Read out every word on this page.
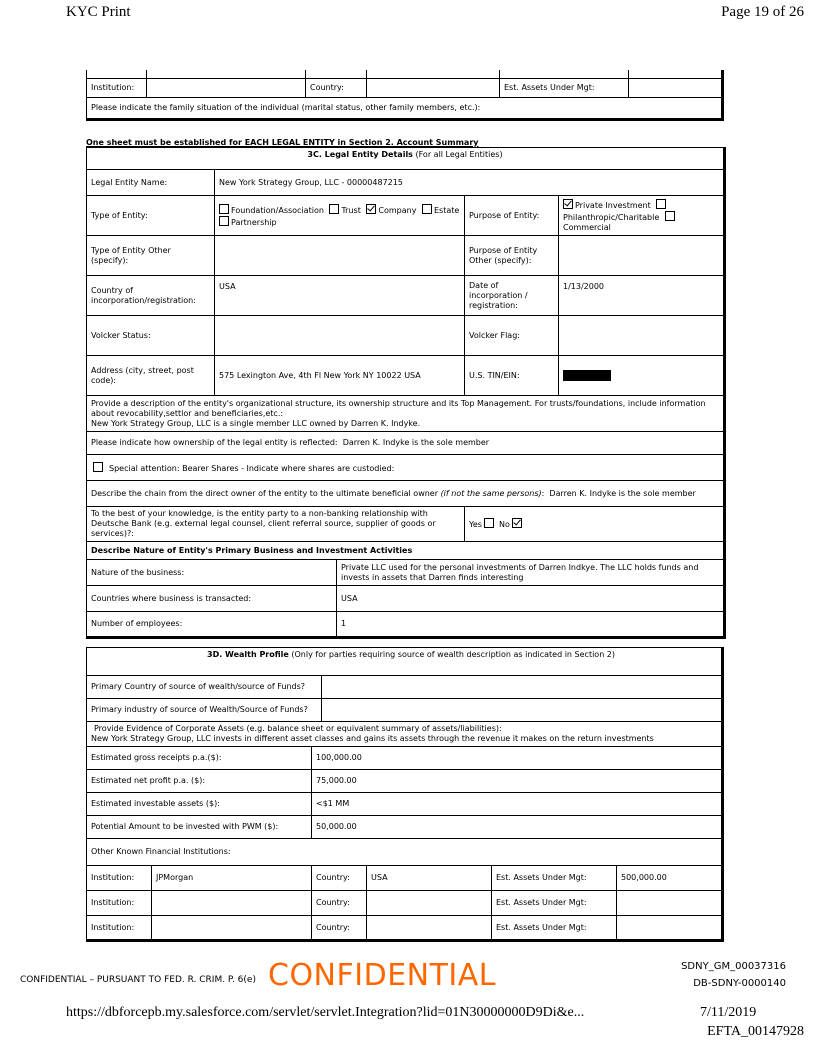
KYC Print	Page 19 of 26

Institution:		Country:		Est. Assets Under Mgt:	
Please indicate the family situation of the individual (marital status, other family members, etc.):					
One sheet must be established for EACH LEGAL ENTITY in Section 2. Account Summary
3C. Legal Entity Details (For all Legal Entities)				
Legal Entity Name:	New York Strategy Group, LLC - 00000487215			
Type of Entity:	Foundation/Association Trust Company Estate
Partnership		Purpose of Entity:	Private Investment
Philanthropic/Charitable
Commercial
Type of Entity Other (specify):			Purpose of Entity Other (specify):	
Country of incorporation/registration:	USA		Date of incorporation / registration:	1/13/2000
Volcker Status:			Volcker Flag:	
Address (city, street, post code):	575 Lexington Ave, 4th Fl New York NY 10022 USA		U.S. TIN/EIN:	
Provide a description of the entity's organizational structure, its ownership structure and its Top Management. For trusts/foundations, include information about revocability,settlor and beneficiaries,etc.:
New York Strategy Group, LLC is a single member LLC owned by Darren K. Indyke.				
Please indicate how ownership of the legal entity is reflected: Darren K. Indyke is the sole member				
Special attention: Bearer Shares - Indicate where shares are custodied:				
Describe the chain from the direct owner of the entity to the ultimate beneficial owner (if not the same persons): Darren K. Indyke is the sole member				
To the best of your knowledge, is the entity party to a non-banking relationship with Deutsche Bank (e.g. external legal counsel, client referral source, supplier of goods or services)?:			Yes No	
Describe Nature of Entity's Primary Business and Investment Activities				
Nature of the business:		Private LLC used for the personal investments of Darren Indkye. The LLC holds funds and invests in assets that Darren finds interesting		
Countries where business is transacted:		USA		
Number of employees:		1		
3D. Wealth Profile (Only for parties requiring source of wealth description as indicated in Section 2)						
Primary Country of source of wealth/source of Funds?						
Primary industry of source of Wealth/Source of Funds?						
Provide Evidence of Corporate Assets (e.g. balance sheet or equivalent summary of assets/liabilities):
New York Strategy Group, LLC invests in different asset classes and gains its assets through the revenue it makes on the return investments						
Estimated gross receipts p.a.($):		100,000.00				
Estimated net profit p.a. ($):		75,000.00				
Estimated investable assets ($):		<$1 MM				
Potential Amount to be invested with PWM ($):		50,000.00				
Other Known Financial Institutions:						
Institution:	JPMorgan	Country:		USA	Est. Assets Under Mgt:	500,000.00
Institution:		Country:			Est. Assets Under Mgt:	
Institution:		Country:			Est. Assets Under Mgt:	
SDNY_GM_00037316
DB-SDNY-0000140
CONFIDENTIAL – PURSUANT TO FED. R. CRIM. P. 6(e) CONFIDENTIAL
https://dbforcepb.my.salesforce.com/servlet/servlet.Integration?lid=01N30000000D9Di&e...	7/11/2019
EFTA_00147928
